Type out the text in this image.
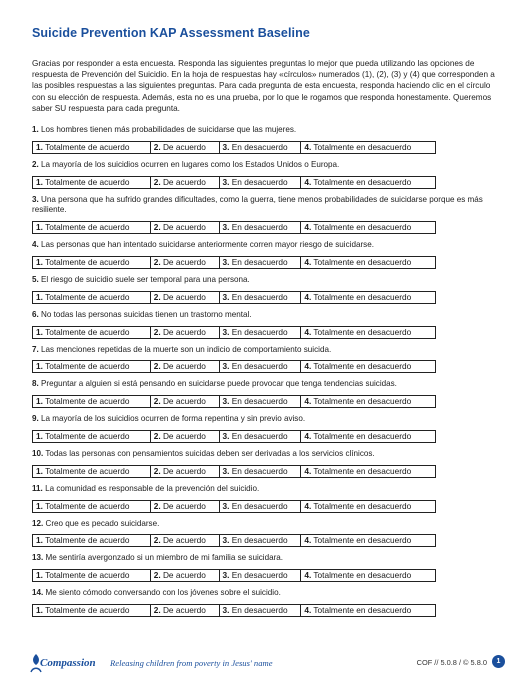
Suicide Prevention KAP Assessment Baseline
Gracias por responder a esta encuesta. Responda las siguientes preguntas lo mejor que pueda utilizando las opciones de respuesta de Prevención del Suicidio. En la hoja de respuestas hay «círculos» numerados (1), (2), (3) y (4) que corresponden a las posibles respuestas a las siguientes preguntas. Para cada pregunta de esta encuesta, responda haciendo clic en el círculo con su elección de respuesta. Además, esta no es una prueba, por lo que le rogamos que responda honestamente. Queremos saber SU respuesta para cada pregunta.
1. Los hombres tienen más probabilidades de suicidarse que las mujeres.
1. Totalmente de acuerdo	2. De acuerdo	3. En desacuerdo	4. Totalmente en desacuerdo
2. La mayoría de los suicidios ocurren en lugares como los Estados Unidos o Europa.
1. Totalmente de acuerdo	2. De acuerdo	3. En desacuerdo	4. Totalmente en desacuerdo
3. Una persona que ha sufrido grandes dificultades, como la guerra, tiene menos probabilidades de suicidarse porque es más resiliente.
1. Totalmente de acuerdo	2. De acuerdo	3. En desacuerdo	4. Totalmente en desacuerdo
4. Las personas que han intentado suicidarse anteriormente corren mayor riesgo de suicidarse.
1. Totalmente de acuerdo	2. De acuerdo	3. En desacuerdo	4. Totalmente en desacuerdo
5. El riesgo de suicidio suele ser temporal para una persona.
1. Totalmente de acuerdo	2. De acuerdo	3. En desacuerdo	4. Totalmente en desacuerdo
6. No todas las personas suicidas tienen un trastorno mental.
1. Totalmente de acuerdo	2. De acuerdo	3. En desacuerdo	4. Totalmente en desacuerdo
7. Las menciones repetidas de la muerte son un indicio de comportamiento suicida.
1. Totalmente de acuerdo	2. De acuerdo	3. En desacuerdo	4. Totalmente en desacuerdo
8. Preguntar a alguien si está pensando en suicidarse puede provocar que tenga tendencias suicidas.
1. Totalmente de acuerdo	2. De acuerdo	3. En desacuerdo	4. Totalmente en desacuerdo
9. La mayoría de los suicidios ocurren de forma repentina y sin previo aviso.
1. Totalmente de acuerdo	2. De acuerdo	3. En desacuerdo	4. Totalmente en desacuerdo
10. Todas las personas con pensamientos suicidas deben ser derivadas a los servicios clínicos.
1. Totalmente de acuerdo	2. De acuerdo	3. En desacuerdo	4. Totalmente en desacuerdo
11. La comunidad es responsable de la prevención del suicidio.
1. Totalmente de acuerdo	2. De acuerdo	3. En desacuerdo	4. Totalmente en desacuerdo
12. Creo que es pecado suicidarse.
1. Totalmente de acuerdo	2. De acuerdo	3. En desacuerdo	4. Totalmente en desacuerdo
13. Me sentiría avergonzado si un miembro de mi familia se suicidara.
1. Totalmente de acuerdo	2. De acuerdo	3. En desacuerdo	4. Totalmente en desacuerdo
14. Me siento cómodo conversando con los jóvenes sobre el suicidio.
1. Totalmente de acuerdo	2. De acuerdo	3. En desacuerdo	4. Totalmente en desacuerdo
Compassion Releasing children from poverty in Jesus' name	COF // 5.0.8 / © 5.8.0	1
